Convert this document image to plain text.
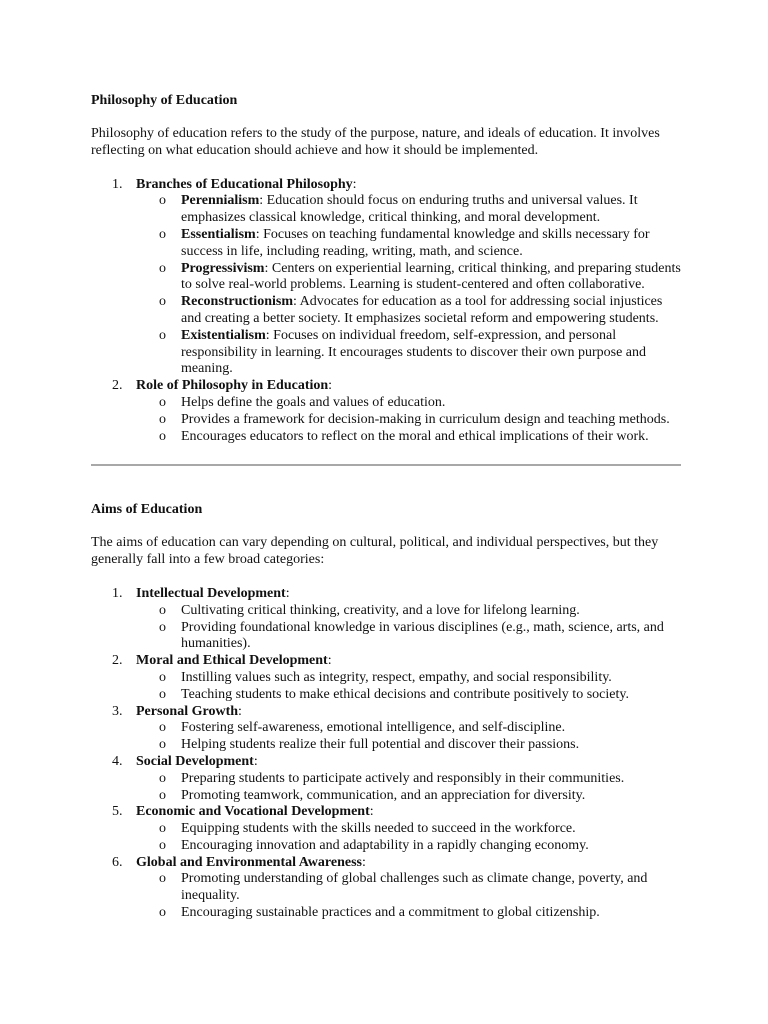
Philosophy of Education

Philosophy of education refers to the study of the purpose, nature, and ideals of education. It involves reflecting on what education should achieve and how it should be implemented.

1. Branches of Educational Philosophy:
o Perennialism: Education should focus on enduring truths and universal values. It emphasizes classical knowledge, critical thinking, and moral development.
o Essentialism: Focuses on teaching fundamental knowledge and skills necessary for success in life, including reading, writing, math, and science.
o Progressivism: Centers on experiential learning, critical thinking, and preparing students to solve real-world problems. Learning is student-centered and often collaborative.
o Reconstructionism: Advocates for education as a tool for addressing social injustices and creating a better society. It emphasizes societal reform and empowering students.
o Existentialism: Focuses on individual freedom, self-expression, and personal responsibility in learning. It encourages students to discover their own purpose and meaning.
2. Role of Philosophy in Education:
o Helps define the goals and values of education.
o Provides a framework for decision-making in curriculum design and teaching methods.
o Encourages educators to reflect on the moral and ethical implications of their work.
Aims of Education

The aims of education can vary depending on cultural, political, and individual perspectives, but they generally fall into a few broad categories:

1. Intellectual Development:
o Cultivating critical thinking, creativity, and a love for lifelong learning.
o Providing foundational knowledge in various disciplines (e.g., math, science, arts, and humanities).
2. Moral and Ethical Development:
o Instilling values such as integrity, respect, empathy, and social responsibility.
o Teaching students to make ethical decisions and contribute positively to society.
3. Personal Growth:
o Fostering self-awareness, emotional intelligence, and self-discipline.
o Helping students realize their full potential and discover their passions.
4. Social Development:
o Preparing students to participate actively and responsibly in their communities.
o Promoting teamwork, communication, and an appreciation for diversity.
5. Economic and Vocational Development:
o Equipping students with the skills needed to succeed in the workforce.
o Encouraging innovation and adaptability in a rapidly changing economy.
6. Global and Environmental Awareness:
o Promoting understanding of global challenges such as climate change, poverty, and inequality.
o Encouraging sustainable practices and a commitment to global citizenship.
